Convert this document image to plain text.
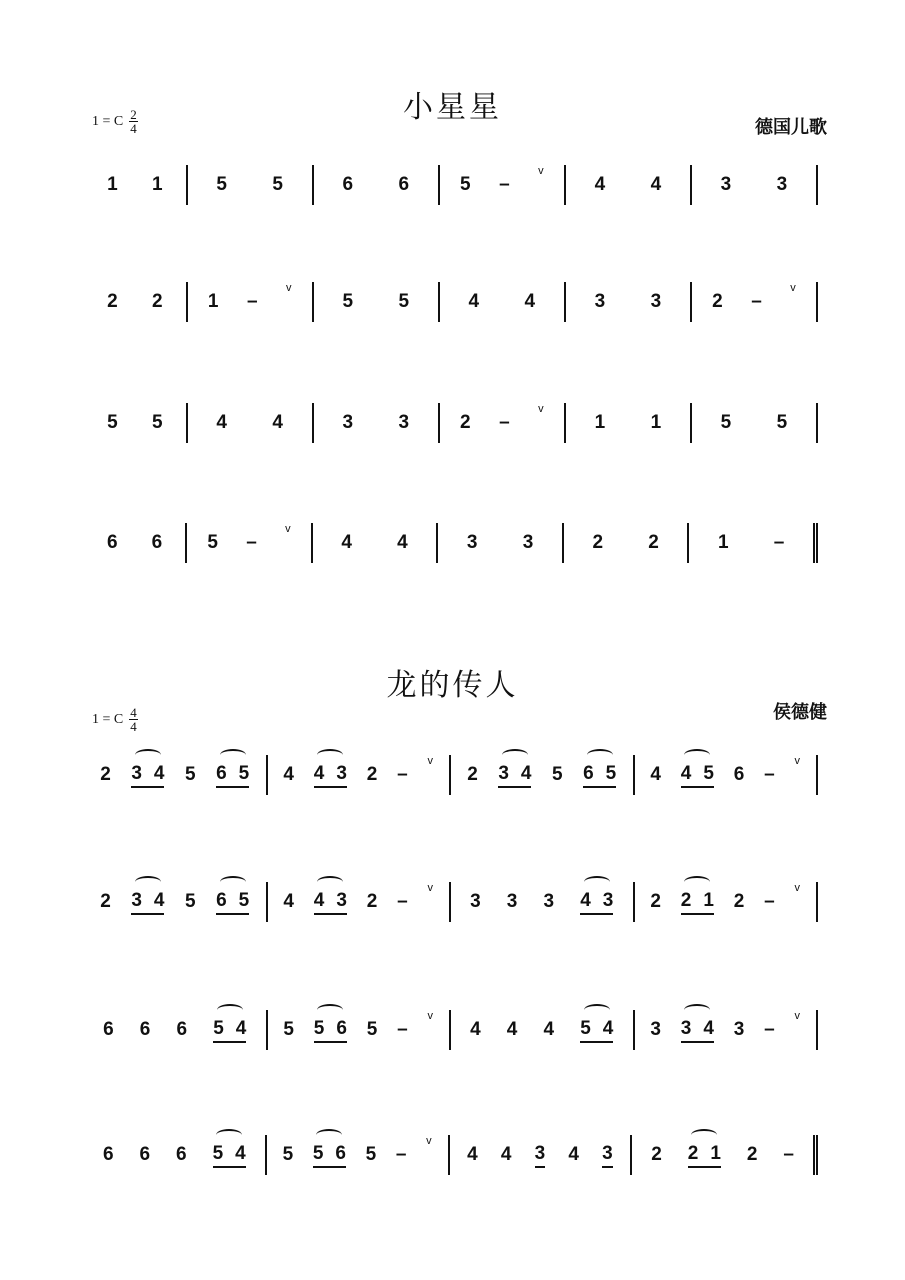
小星星
德国儿歌
1 = C $\frac{2}{4}$
1 1	5 5	6 6	5 –
v
4 4	3 3
2 2 1 –
v
5 5	4 4	3 3	2 –
v
5 5	4 4	3 3	2 –
v
1 1	5 5
6 6 5 –
v
4 4	3 3	2 2	1 –
龙的传人
侯德健
1 = C $\frac{4}{4}$
2 3 4 5 6 5 4 4 3 2 –
v
2 3 4 5 6 5 4 4 5 6 –
v
2 3 4 5 6 5 4 4 3 2 –
v
3 3 3 4 3 2 2 1 2 –
v
6 6 6 5 4 5 5 6 5 –
v
4 4 4 5 4 3 3 4 3 –
v
6 6 6 5 4 5 5 6 5 –
v
4 4 3 4 3 2 2 1 2 –
